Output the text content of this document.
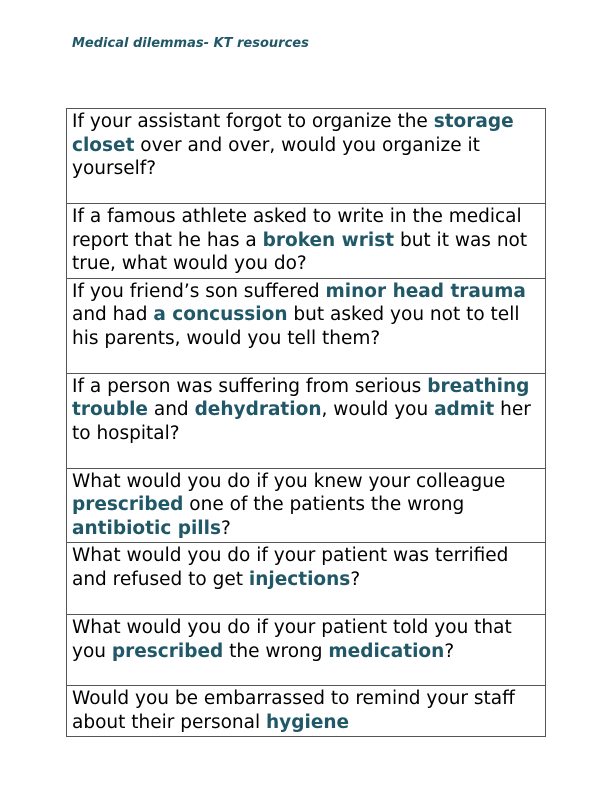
Medical dilemmas- KT resources
If your assistant forgot to organize the storage closet over and over, would you organize it yourself?
If a famous athlete asked to write in the medical report that he has a broken wrist but it was not true, what would you do?
If you friend’s son suffered minor head trauma and had a concussion but asked you not to tell his parents, would you tell them?
If a person was suffering from serious breathing trouble and dehydration, would you admit her to hospital?
What would you do if you knew your colleague prescribed one of the patients the wrong antibiotic pills?
What would you do if your patient was terrified and refused to get injections?
What would you do if your patient told you that you prescribed the wrong medication?
Would you be embarrassed to remind your staff about their personal hygiene
